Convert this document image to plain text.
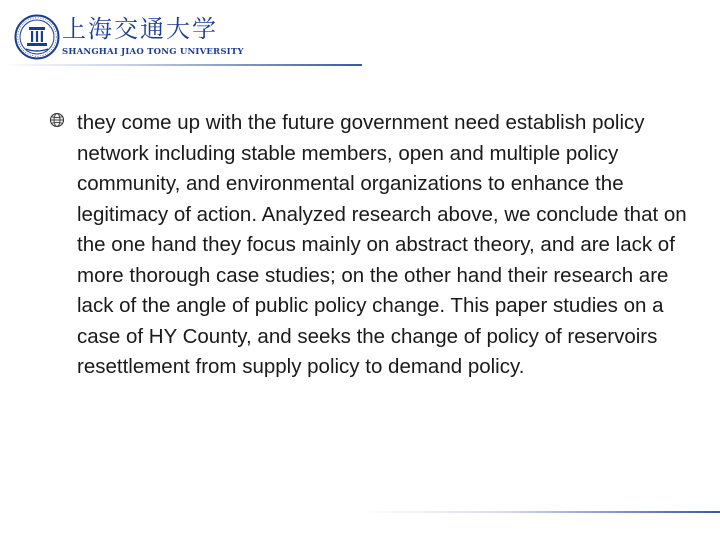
上海交通大学
SHANGHAI JIAO TONG UNIVERSITY

they come up with the future government need establish policy network including stable members, open and multiple policy community, and environmental organizations to enhance the legitimacy of action. Analyzed research above, we conclude that on the one hand they focus mainly on abstract theory, and are lack of more thorough case studies; on the other hand their research are lack of the angle of public policy change. This paper studies on a case of HY County, and seeks the change of policy of reservoirs resettlement from supply policy to demand policy.
